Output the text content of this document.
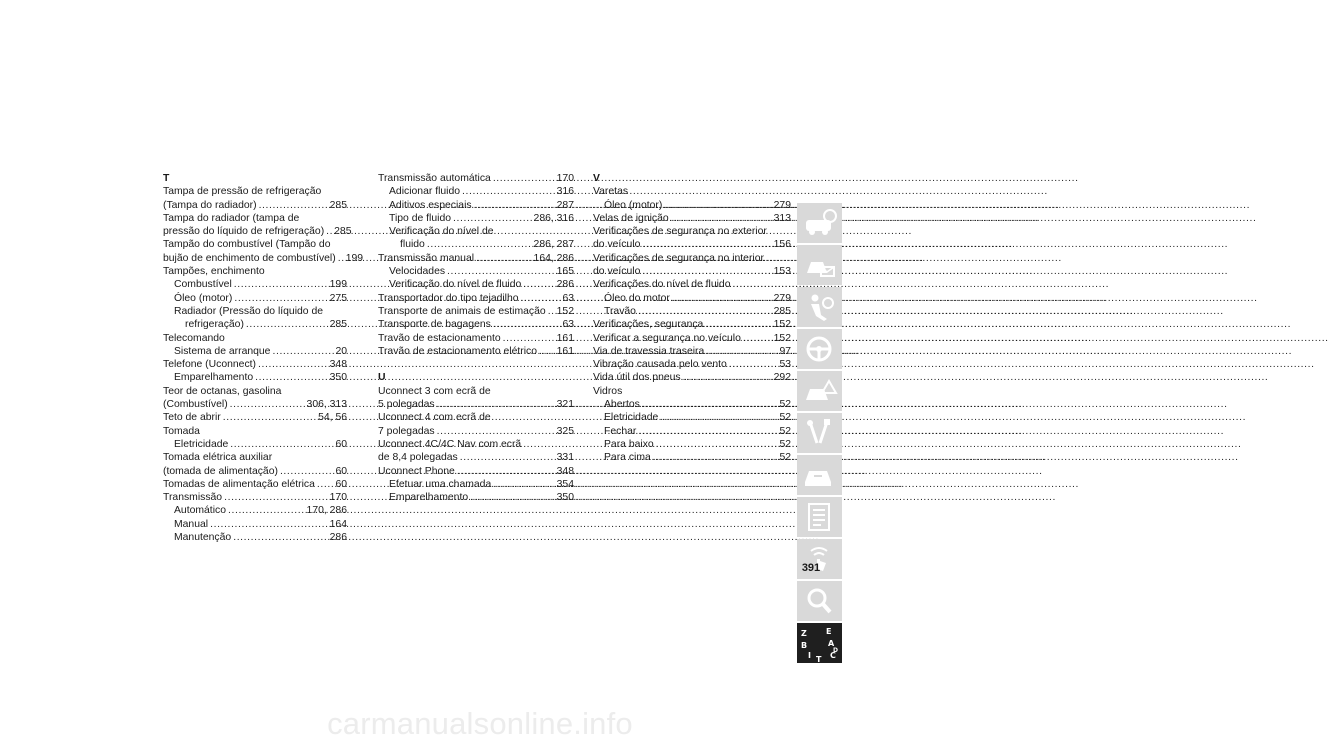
T
Tampa de pressão de refrigeração
(Tampa do radiador) .....	285
Tampa do radiador (tampa de
pressão do líquido de refrigeração) ..... 285
Tampão do combustível (Tampão do
bujão de enchimento de combustível) ..... 199
Tampões, enchimento
Combustível .....	199
Óleo (motor) .....	275
Radiador (Pressão do líquido de
refrigeração) .....	285
Telecomando
Sistema de arranque .....	20
Telefone (Uconnect) .....	348
Emparelhamento .....	350
Teor de octanas, gasolina
(Combustível) .....	306, 313
Teto de abrir .....	54, 56
Tomada
Eletricidade .....	60
Tomada elétrica auxiliar
(tomada de alimentação) .....	60
Tomadas de alimentação elétrica ..... 60
Transmissão .....	170
Automático .....	170, 286
Manual .....	164
Manutenção .....	286
Transmissão automática .....	170
Adicionar fluido .....	316
Aditivos especiais .....	287
Tipo de fluido .....	286, 316
Verificação do nível de
fluido .....	286, 287
Transmissão manual .....	164, 286
Velocidades .....	165
Verificação do nível de fluido .....	286
Transportador do tipo tejadilho .....	63
Transporte de animais de estimação ..... 152
Transporte de bagagens .....	63
Travão de estacionamento .....	161
Travão de estacionamento elétrico ..... 161
U
Uconnect 3 com ecrã de
5 polegadas .....	321
Uconnect 4 com ecrã de
7 polegadas .....	325
Uconnect 4C/4C Nav com ecrã
de 8,4 polegadas .....	331
Uconnect Phone .....	348
Efetuar uma chamada .....	354
Emparelhamento .....	350
V
Varetas
Óleo (motor) .....	279
Velas de ignição .....	313
Verificações de segurança no exterior
do veículo .....	156
Verificações de segurança no interior
do veículo .....	153
Verificações do nível de fluido
Óleo do motor .....	279
Travão .....	285
Verificações, segurança .....	152
Verificar a segurança no veículo .....	152
Via de travessia traseira .....	97
Vibração causada pelo vento .....	53
Vida útil dos pneus .....	292
Vidros
Abertos .....	52
Eletricidade .....	52
Fechar .....	52
Para baixo .....	52
Para cima .....	52
Z E
B	A
I C
T
D
391
carmanualsonline.info
